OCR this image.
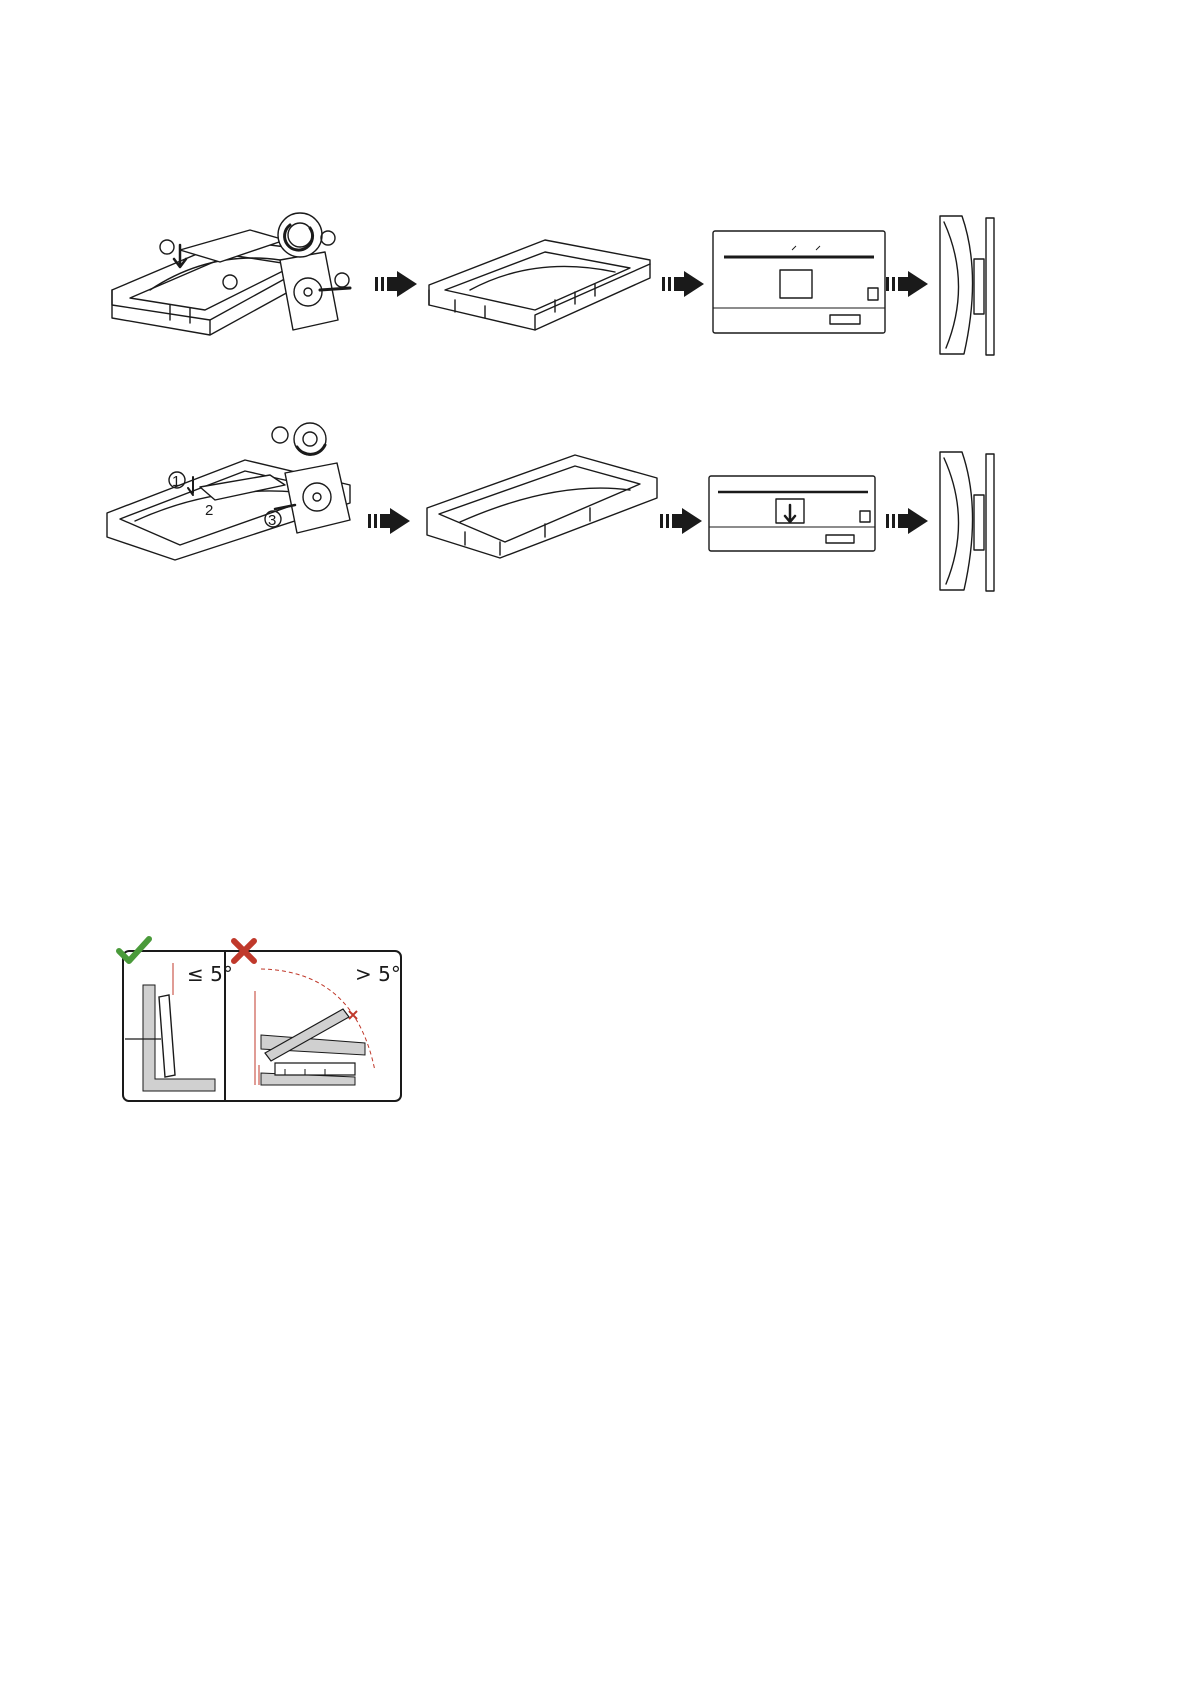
1
2
3
≤ 5°	> 5°
